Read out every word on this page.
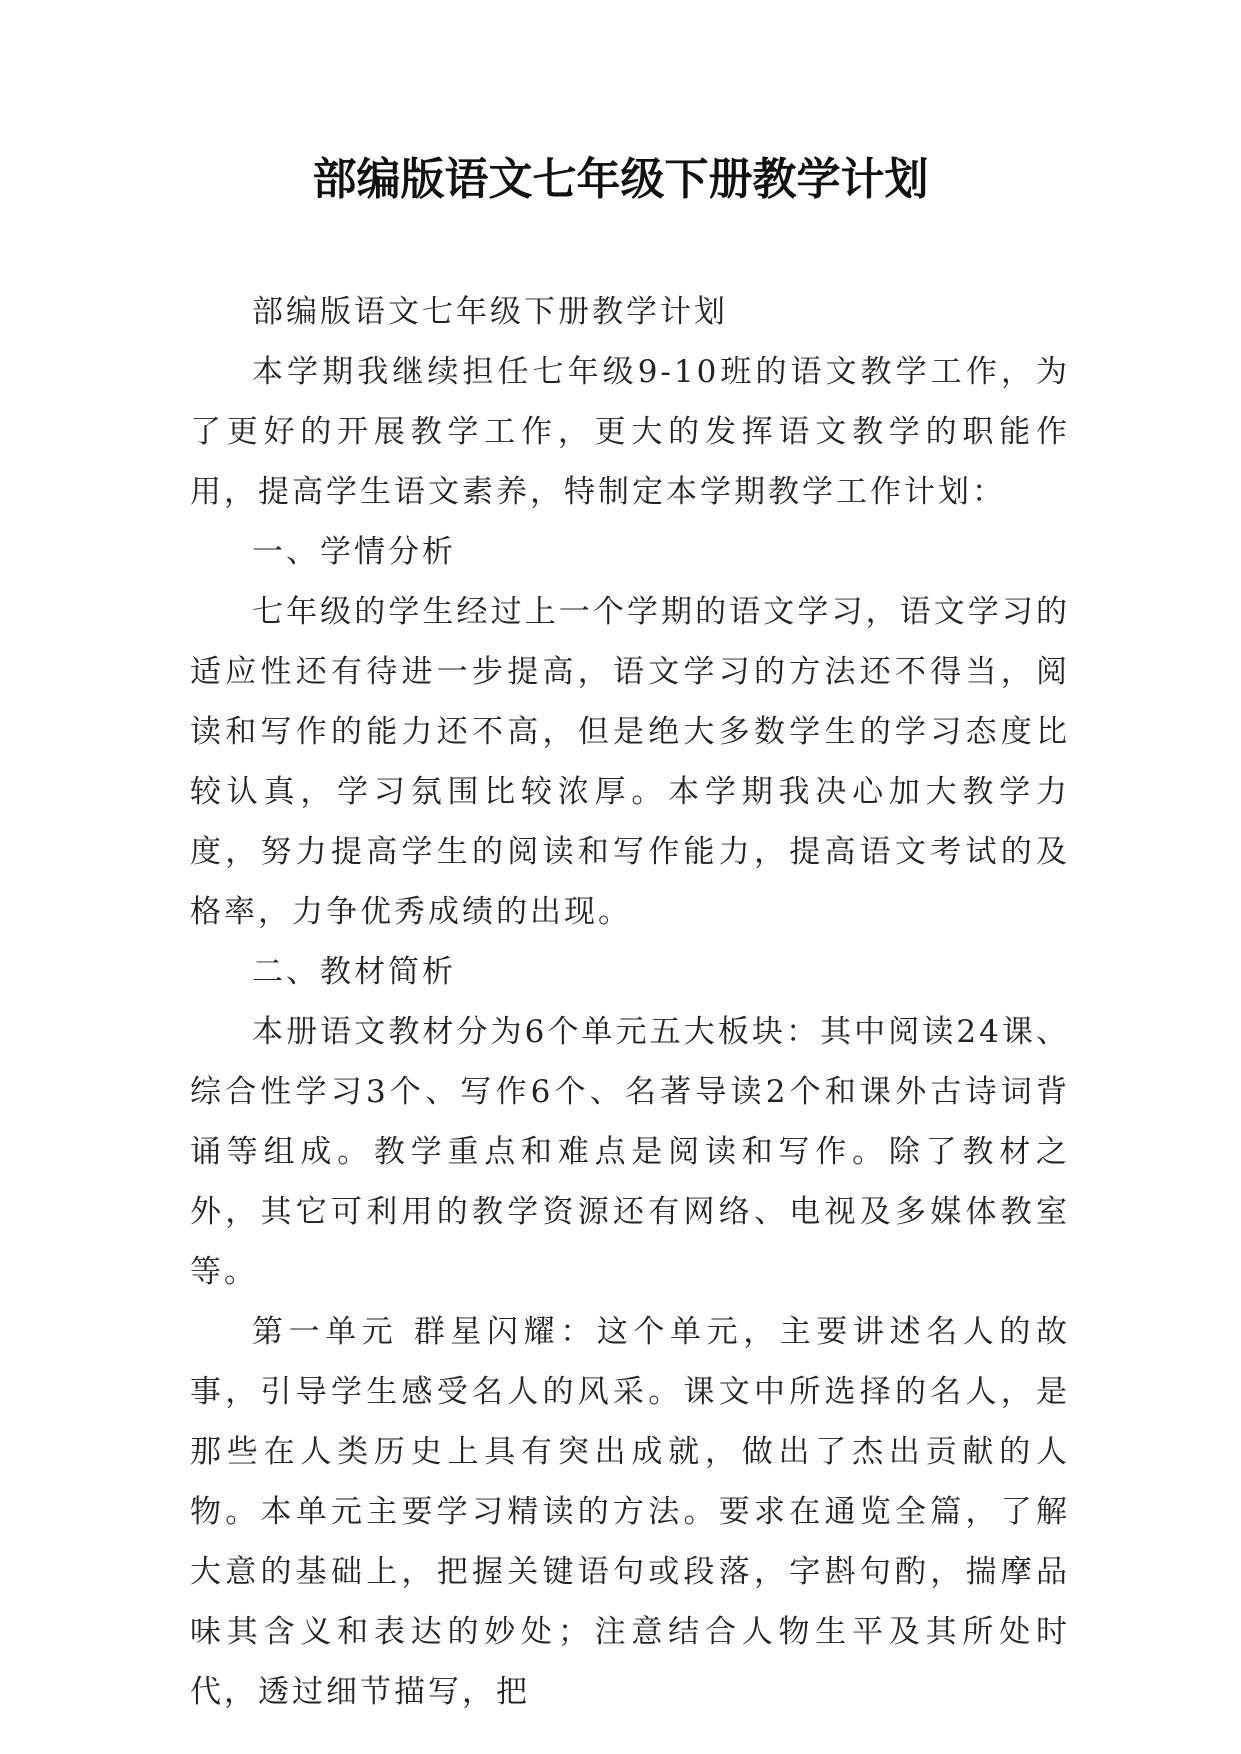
部编版语文七年级下册教学计划

部编版语文七年级下册教学计划

本学期我继续担任七年级9-10班的语文教学工作，为了更好的开展教学工作，更大的发挥语文教学的职能作用，提高学生语文素养，特制定本学期教学工作计划：

一、学情分析

七年级的学生经过上一个学期的语文学习，语文学习的适应性还有待进一步提高，语文学习的方法还不得当，阅读和写作的能力还不高，但是绝大多数学生的学习态度比较认真，学习氛围比较浓厚。本学期我决心加大教学力度，努力提高学生的阅读和写作能力，提高语文考试的及格率，力争优秀成绩的出现。

二、教材简析

本册语文教材分为6个单元五大板块：其中阅读24课、综合性学习3个、写作6个、名著导读2个和课外古诗词背诵等组成。教学重点和难点是阅读和写作。除了教材之外，其它可利用的教学资源还有网络、电视及多媒体教室等。

第一单元 群星闪耀：这个单元，主要讲述名人的故事，引导学生感受名人的风采。课文中所选择的名人，是那些在人类历史上具有突出成就，做出了杰出贡献的人物。本单元主要学习精读的方法。要求在通览全篇，了解大意的基础上，把握关键语句或段落，字斟句酌，揣摩品味其含义和表达的妙处；注意结合人物生平及其所处时代，透过细节描写，把
